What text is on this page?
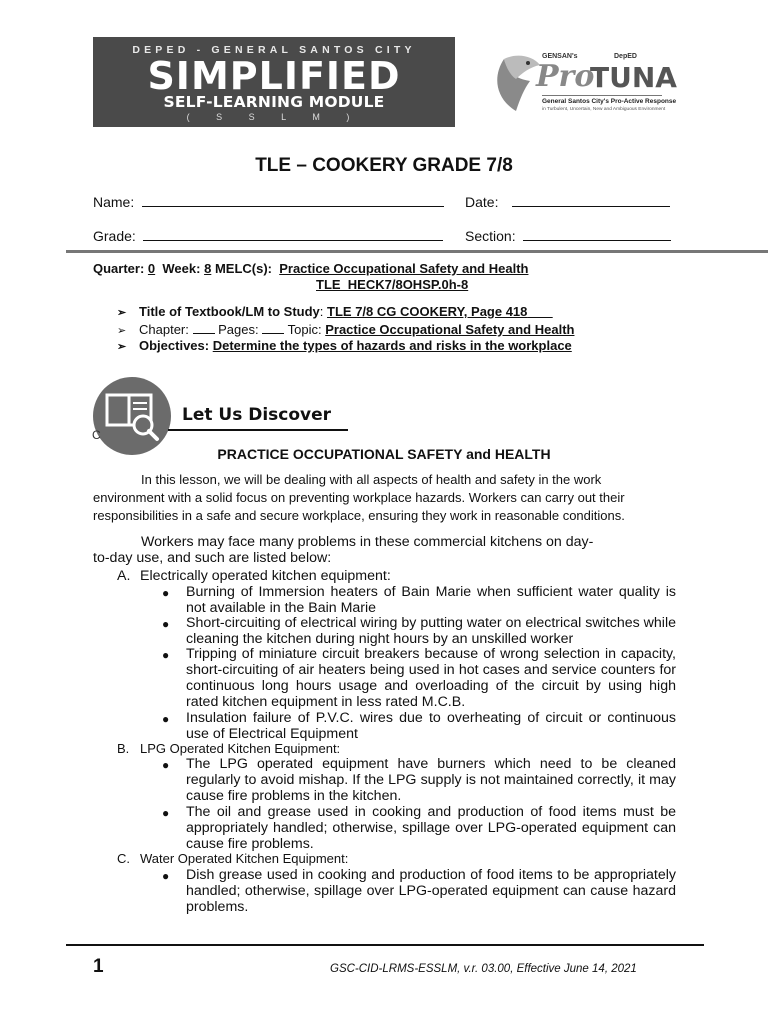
DEPED - GENERAL SANTOS CITY
SIMPLIFIED
SELF-LEARNING MODULE
( S S L M )
GENSAN's	DepED
Pro
TUNA
General Santos City's Pro-Active Response
in Turbulent, Uncertain, New and Ambiguous Environment
TLE – COOKERY GRADE 7/8
Name:	Date:
Grade:	Section:
Quarter: 0 Week: 8 MELC(s): Practice Occupational Safety and Health
TLE_HECK7/8OHSP.0h-8
➢ Title of Textbook/LM to Study: TLE 7/8 CG COOKERY, Page 418
➢ Chapter: Pages: Topic: Practice Occupational Safety and Health
➢ Objectives: Determine the types of hazards and risks in the workplace
Let Us Discover
C
PRACTICE OCCUPATIONAL SAFETY and HEALTH
In this lesson, we will be dealing with all aspects of health and safety in the work
environment with a solid focus on preventing workplace hazards. Workers can carry out their
responsibilities in a safe and secure workplace, ensuring they work in reasonable conditions.
Workers may face many problems in these commercial kitchens on day-
to-day use, and such are listed below:
A. Electrically operated kitchen equipment:
● Burning of Immersion heaters of Bain Marie when sufficient water quality is not available in the Bain Marie
● Short-circuiting of electrical wiring by putting water on electrical switches while cleaning the kitchen during night hours by an unskilled worker
● Tripping of miniature circuit breakers because of wrong selection in capacity, short-circuiting of air heaters being used in hot cases and service counters for continuous long hours usage and overloading of the circuit by using high rated kitchen equipment in less rated M.C.B.
● Insulation failure of P.V.C. wires due to overheating of circuit or continuous use of Electrical Equipment
B. LPG Operated Kitchen Equipment:
● The LPG operated equipment have burners which need to be cleaned regularly to avoid mishap. If the LPG supply is not maintained correctly, it may cause fire problems in the kitchen.
● The oil and grease used in cooking and production of food items must be appropriately handled; otherwise, spillage over LPG-operated equipment can cause fire problems.
C. Water Operated Kitchen Equipment:
● Dish grease used in cooking and production of food items to be appropriately handled; otherwise, spillage over LPG-operated equipment can cause hazard problems.
1	GSC-CID-LRMS-ESSLM, v.r. 03.00, Effective June 14, 2021
